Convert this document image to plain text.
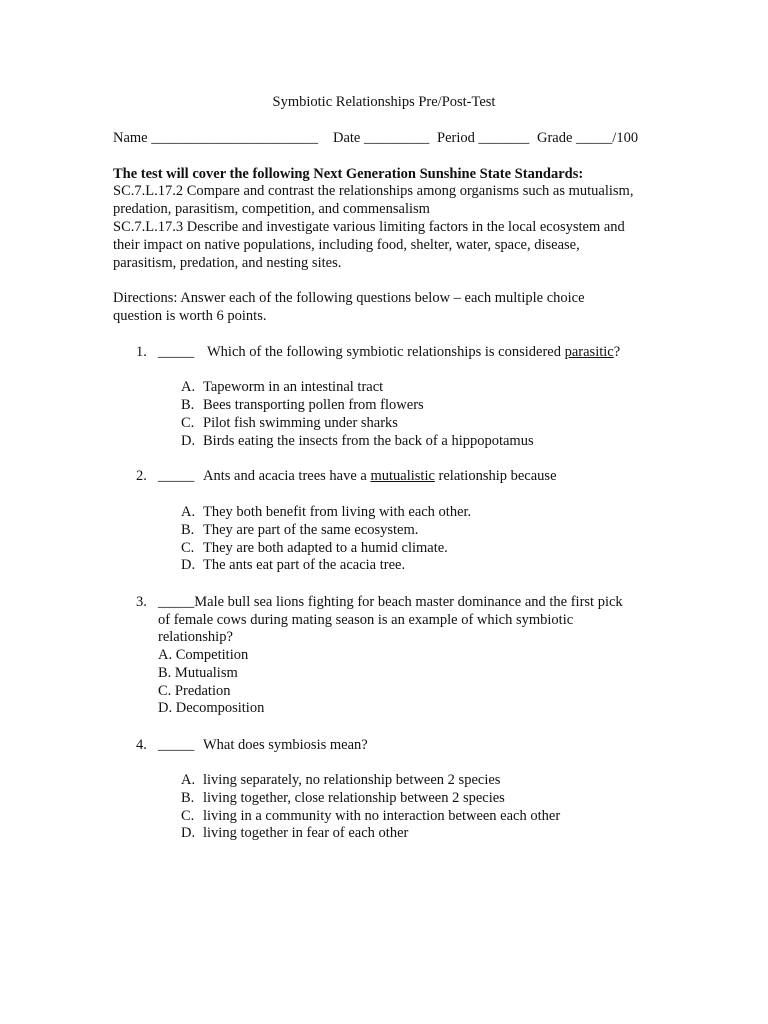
Symbiotic Relationships Pre/Post-Test
Name _______________________ Date _________ Period _______ Grade _____/100
The test will cover the following Next Generation Sunshine State Standards:
SC.7.L.17.2 Compare and contrast the relationships among organisms such as mutualism,
predation, parasitism, competition, and commensalism
SC.7.L.17.3 Describe and investigate various limiting factors in the local ecosystem and
their impact on native populations, including food, shelter, water, space, disease,
parasitism, predation, and nesting sites.
Directions: Answer each of the following questions below – each multiple choice
question is worth 6 points.
1. _____ Which of the following symbiotic relationships is considered parasitic?
A. Tapeworm in an intestinal tract
B. Bees transporting pollen from flowers
C. Pilot fish swimming under sharks
D. Birds eating the insects from the back of a hippopotamus
2. _____ Ants and acacia trees have a mutualistic relationship because
A. They both benefit from living with each other.
B. They are part of the same ecosystem.
C. They are both adapted to a humid climate.
D. The ants eat part of the acacia tree.
3. _____Male bull sea lions fighting for beach master dominance and the first pick
of female cows during mating season is an example of which symbiotic
relationship?
A. Competition
B. Mutualism
C. Predation
D. Decomposition
4. _____ What does symbiosis mean?
A. living separately, no relationship between 2 species
B. living together, close relationship between 2 species
C. living in a community with no interaction between each other
D. living together in fear of each other
